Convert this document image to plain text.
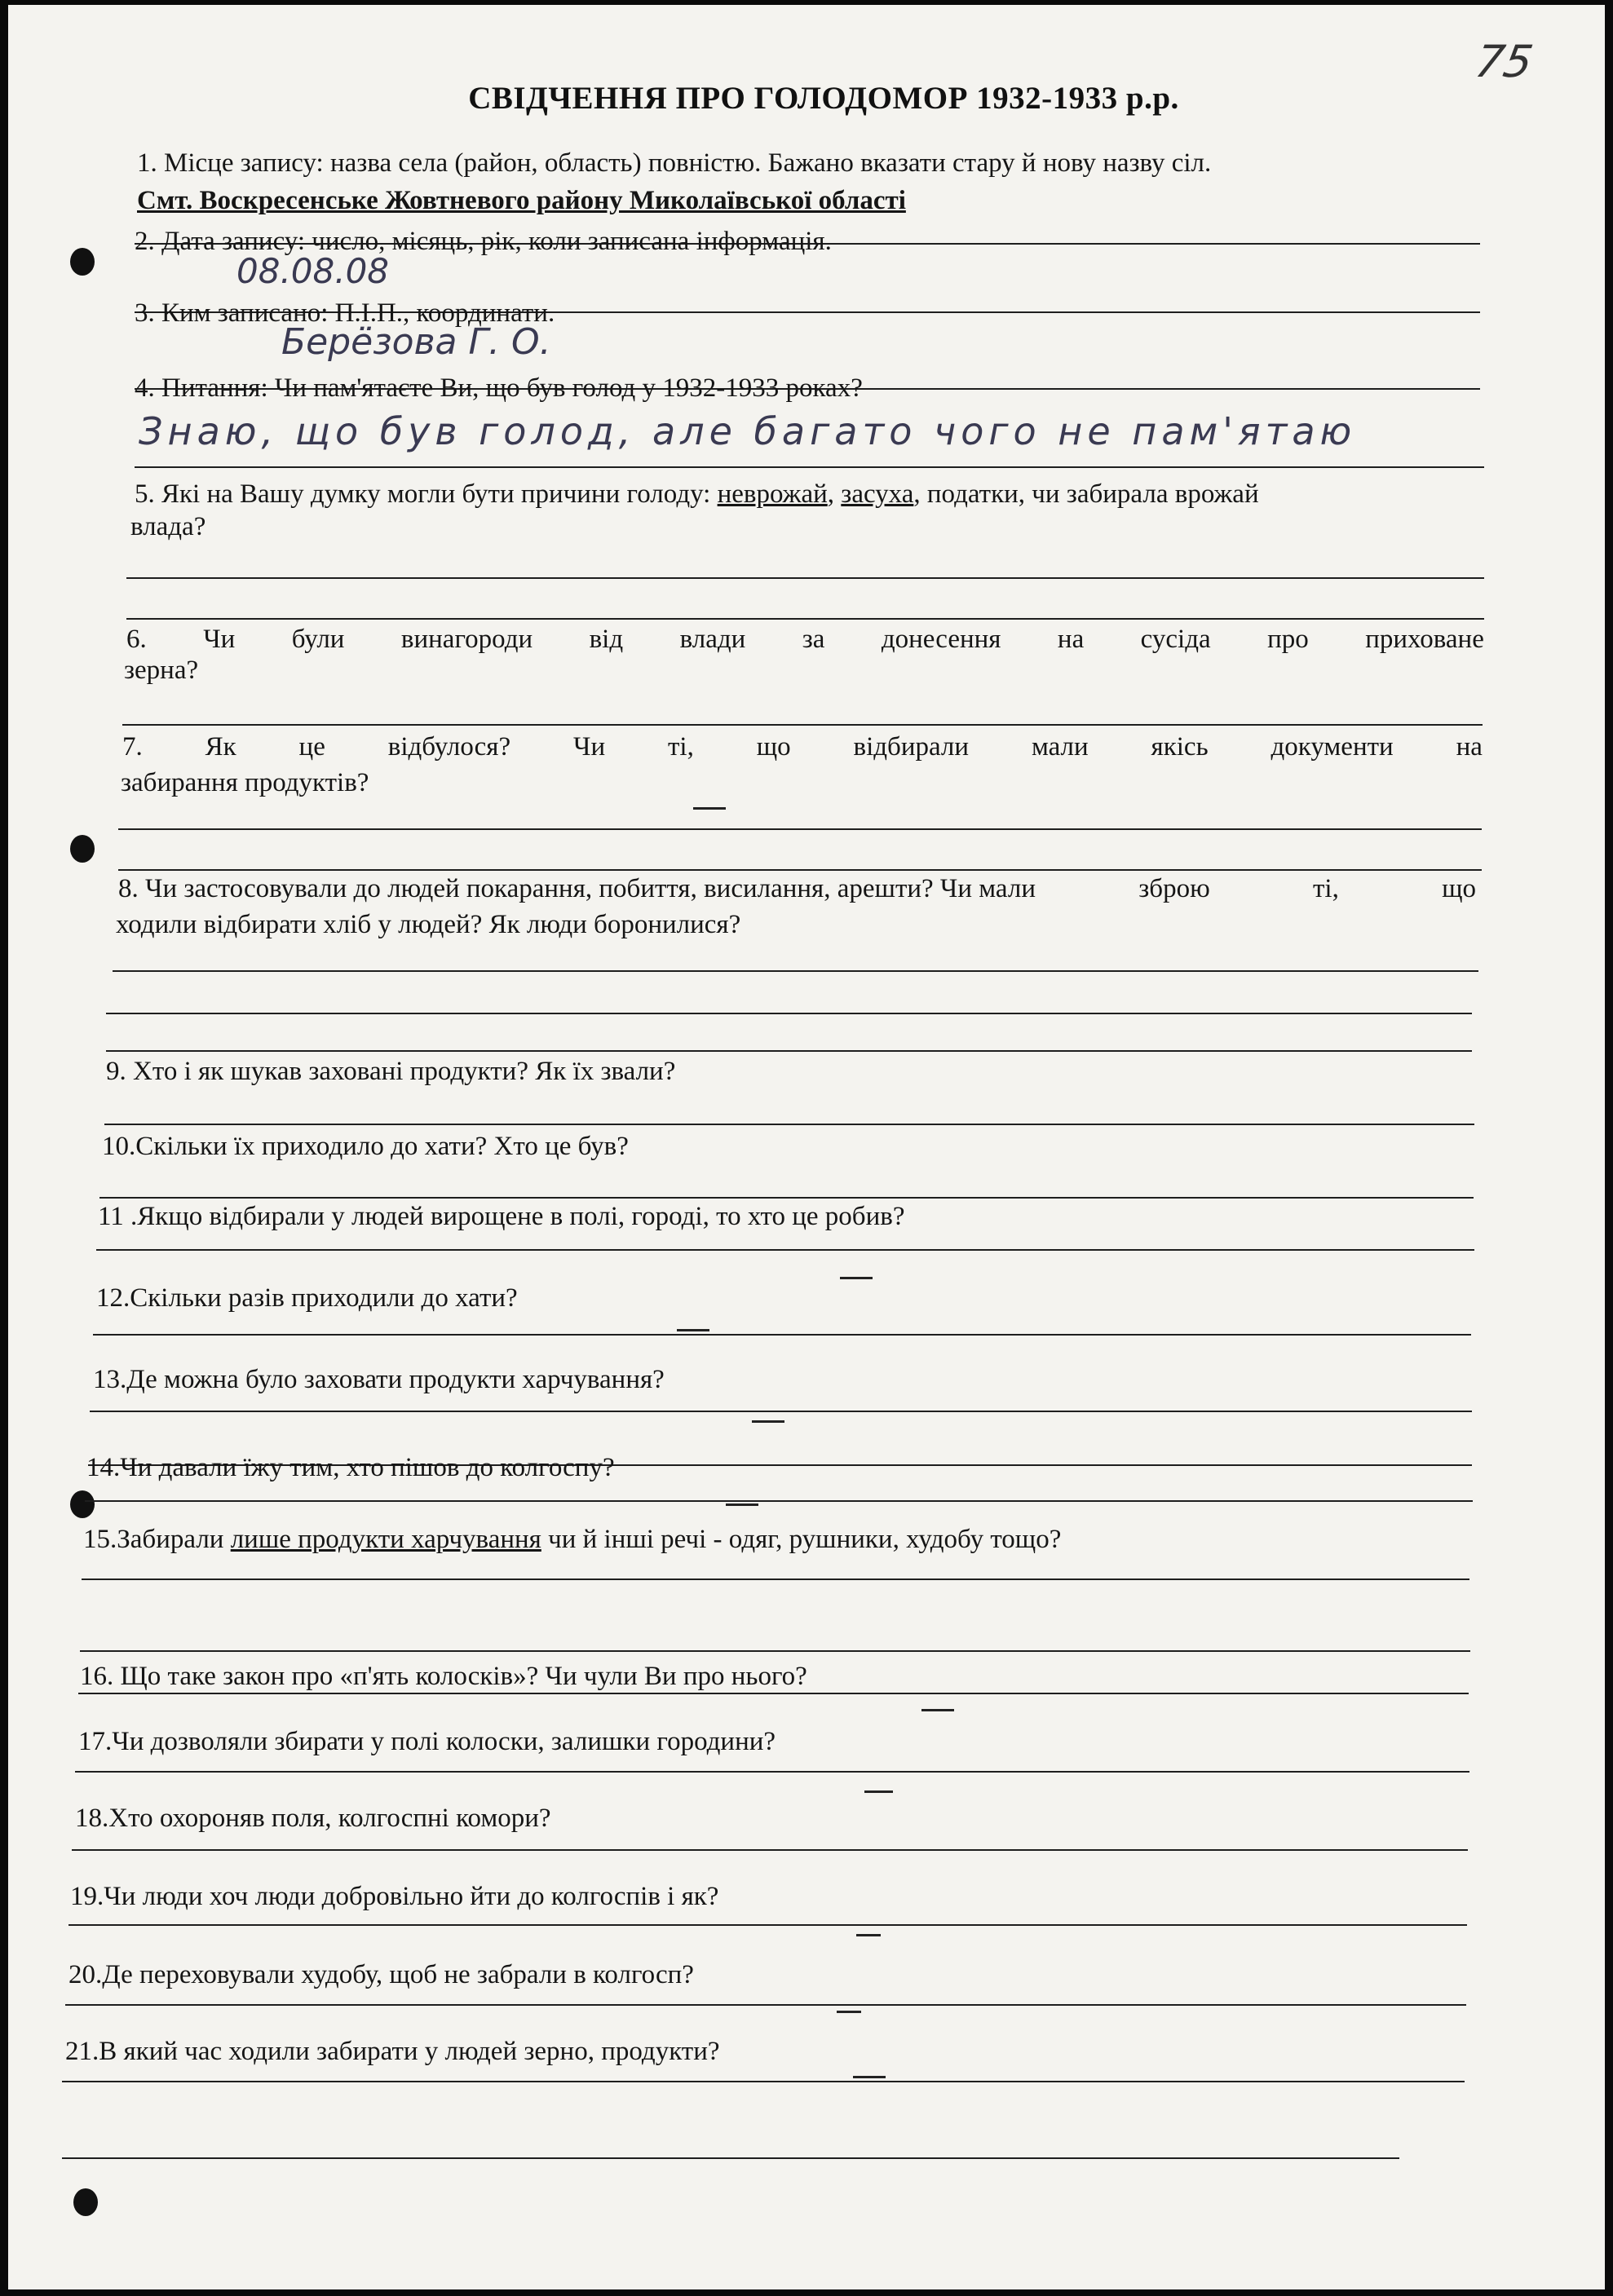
75
СВІДЧЕННЯ ПРО ГОЛОДОМОР 1932-1933 р.р.
1. Місце запису: назва села (район, область) повністю. Бажано вказати стару й нову назву сіл.
Смт. Воскресенське Жовтневого району Миколаївської області
2. Дата запису: число, місяць, рік, коли записана інформація.
08.08.08
3. Ким записано: П.І.П., координати.
Берёзова Г. О.
4. Питання: Чи пам'ятаєте Ви, що був голод у 1932-1933 роках?
Знаю, що був голод, але багато чого не пам'ятаю
5. Які на Вашу думку могли бути причини голоду: неврожай, засуха, податки, чи забирала врожай
влада?
6. Чи були винагороди від влади за донесення на сусіда про приховане
зерна?
7. Як це відбулося? Чи ті, що відбирали мали якісь документи на
забирання продуктів?
8. Чи застосовували до людей покарання, побиття, висилання, арешти? Чи мали	зброю	ті,	що
ходили відбирати хліб у людей? Як люди боронилися?
9. Хто і як шукав заховані продукти? Як їх звали?
10.Скільки їх приходило до хати? Хто це був?
11 .Якщо відбирали у людей вирощене в полі, городі, то хто це робив?
12.Скільки разів приходили до хати?
13.Де можна було заховати продукти харчування?
14.Чи давали їжу тим, хто пішов до колгоспу?
15.Забирали лише продукти харчування чи й інші речі - одяг, рушники, худобу тощо?
16. Що таке закон про «п'ять колосків»? Чи чули Ви про нього?
17.Чи дозволяли збирати у полі колоски, залишки городини?
18.Хто охороняв поля, колгоспні комори?
19.Чи люди хоч люди добровільно йти до колгоспів і як?
20.Де переховували худобу, щоб не забрали в колгосп?
21.В який час ходили забирати у людей зерно, продукти?
